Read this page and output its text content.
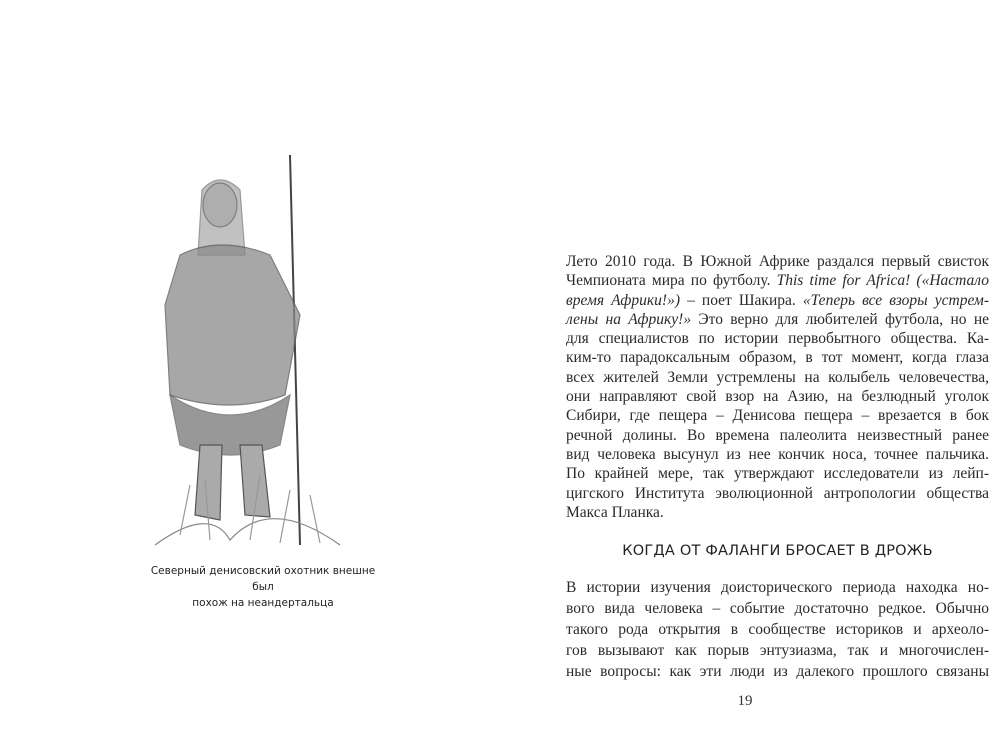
Северный денисовский охотник внешне был
похож на неандертальца
Лето 2010 года. В Южной Африке раздался первый свисток
Чемпионата мира по футболу. This time for Africa! («Настало
время Африки!») – поет Шакира. «Теперь все взоры устрем-
лены на Африку!» Это верно для любителей футбола, но не
для специалистов по истории первобытного общества. Ка-
ким-то парадоксальным образом, в тот момент, когда глаза
всех жителей Земли устремлены на колыбель человечества,
они направляют свой взор на Азию, на безлюдный уголок
Сибири, где пещера – Денисова пещера – врезается в бок
речной долины. Во времена палеолита неизвестный ранее
вид человека высунул из нее кончик носа, точнее пальчика.
По крайней мере, так утверждают исследователи из лейп-
цигского Института эволюционной антропологии общества
Макса Планка.
КОГДА ОТ ФАЛАНГИ БРОСАЕТ В ДРОЖЬ
В истории изучения доисторического периода находка но-
вого вида человека – событие достаточно редкое. Обычно
такого рода открытия в сообществе историков и археоло-
гов вызывают как порыв энтузиазма, так и многочислен-
ные вопросы: как эти люди из далекого прошлого связаны
19
